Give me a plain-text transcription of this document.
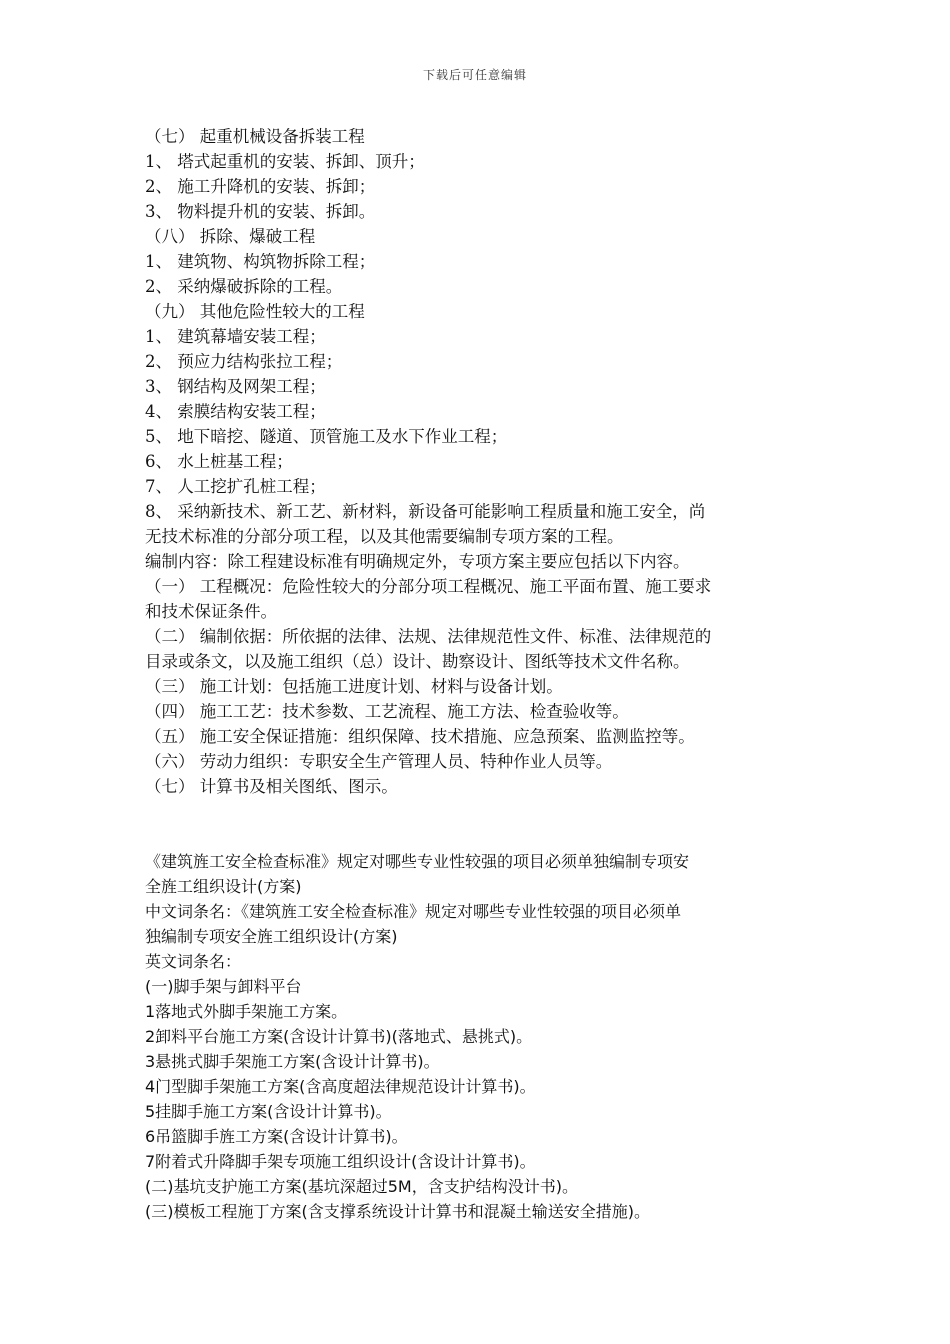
下载后可任意编辑
（七） 起重机械设备拆装工程
1、 塔式起重机的安装、拆卸、顶升；
2、 施工升降机的安装、拆卸；
3、 物料提升机的安装、拆卸。
（八） 拆除、爆破工程
1、 建筑物、构筑物拆除工程；
2、 采纳爆破拆除的工程。
（九） 其他危险性较大的工程
1、 建筑幕墙安装工程；
2、 预应力结构张拉工程；
3、 钢结构及网架工程；
4、 索膜结构安装工程；
5、 地下暗挖、隧道、顶管施工及水下作业工程；
6、 水上桩基工程；
7、 人工挖扩孔桩工程；
8、 采纳新技术、新工艺、新材料，新设备可能影响工程质量和施工安全，尚
无技术标准的分部分项工程，以及其他需要编制专项方案的工程。
编制内容：除工程建设标准有明确规定外，专项方案主要应包括以下内容。
（一） 工程概况：危险性较大的分部分项工程概况、施工平面布置、施工要求
和技术保证条件。
（二） 编制依据：所依据的法律、法规、法律规范性文件、标准、法律规范的
目录或条文，以及施工组织（总）设计、勘察设计、图纸等技术文件名称。
（三） 施工计划：包括施工进度计划、材料与设备计划。
（四） 施工工艺：技术参数、工艺流程、施工方法、检查验收等。
（五） 施工安全保证措施：组织保障、技术措施、应急预案、监测监控等。
（六） 劳动力组织：专职安全生产管理人员、特种作业人员等。
（七） 计算书及相关图纸、图示。
《建筑旌工安全检查标准》规定对哪些专业性较强的项目必须单独编制专项安
全旌工组织设计(方案)
中文词条名：《建筑旌工安全检查标准》规定对哪些专业性较强的项目必须单
独编制专项安全旌工组织设计(方案)
英文词条名：
(一)脚手架与卸料平台
1落地式外脚手架施工方案。
2卸料平台施工方案(含设计计算书)(落地式、悬挑式)。
3悬挑式脚手架施工方案(含设计计算书)。
4门型脚手架施工方案(含高度超法律规范设计计算书)。
5挂脚手施工方案(含设计计算书)。
6吊篮脚手旌工方案(含设计计算书)。
7附着式升降脚手架专项施工组织设计(含设计计算书)。
(二)基坑支护施工方案(基坑深超过5M，含支护结构没计书)。
(三)模板工程施丁方案(含支撑系统设计计算书和混凝土输送安全措施)。
